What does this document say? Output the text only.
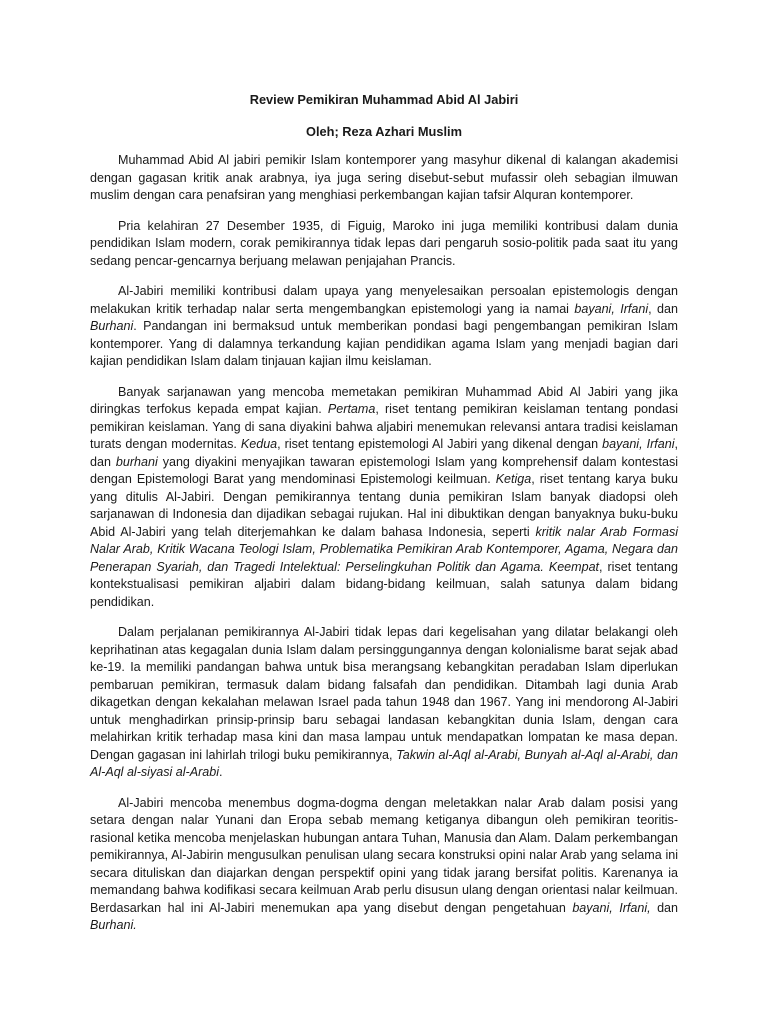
Review Pemikiran Muhammad Abid Al Jabiri

Oleh; Reza Azhari Muslim

Muhammad Abid Al jabiri pemikir Islam kontemporer yang masyhur dikenal di kalangan akademisi dengan gagasan kritik anak arabnya, iya juga sering disebut-sebut mufassir oleh sebagian ilmuwan muslim dengan cara penafsiran yang menghiasi perkembangan kajian tafsir Alquran kontemporer.

Pria kelahiran 27 Desember 1935, di Figuig, Maroko ini juga memiliki kontribusi dalam dunia pendidikan Islam modern, corak pemikirannya tidak lepas dari pengaruh sosio-politik pada saat itu yang sedang pencar-gencarnya berjuang melawan penjajahan Prancis.

Al-Jabiri memiliki kontribusi dalam upaya yang menyelesaikan persoalan epistemologis dengan melakukan kritik terhadap nalar serta mengembangkan epistemologi yang ia namai bayani, Irfani, dan Burhani. Pandangan ini bermaksud untuk memberikan pondasi bagi pengembangan pemikiran Islam kontemporer. Yang di dalamnya terkandung kajian pendidikan agama Islam yang menjadi bagian dari kajian pendidikan Islam dalam tinjauan kajian ilmu keislaman.

Banyak sarjanawan yang mencoba memetakan pemikiran Muhammad Abid Al Jabiri yang jika diringkas terfokus kepada empat kajian. Pertama, riset tentang pemikiran keislaman tentang pondasi pemikiran keislaman. Yang di sana diyakini bahwa aljabiri menemukan relevansi antara tradisi keislaman turats dengan modernitas. Kedua, riset tentang epistemologi Al Jabiri yang dikenal dengan bayani, Irfani, dan burhani yang diyakini menyajikan tawaran epistemologi Islam yang komprehensif dalam kontestasi dengan Epistemologi Barat yang mendominasi Epistemologi keilmuan. Ketiga, riset tentang karya buku yang ditulis Al-Jabiri. Dengan pemikirannya tentang dunia pemikiran Islam banyak diadopsi oleh sarjanawan di Indonesia dan dijadikan sebagai rujukan. Hal ini dibuktikan dengan banyaknya buku-buku Abid Al-Jabiri yang telah diterjemahkan ke dalam bahasa Indonesia, seperti kritik nalar Arab Formasi Nalar Arab, Kritik Wacana Teologi Islam, Problematika Pemikiran Arab Kontemporer, Agama, Negara dan Penerapan Syariah, dan Tragedi Intelektual: Perselingkuhan Politik dan Agama. Keempat, riset tentang kontekstualisasi pemikiran aljabiri dalam bidang-bidang keilmuan, salah satunya dalam bidang pendidikan.

Dalam perjalanan pemikirannya Al-Jabiri tidak lepas dari kegelisahan yang dilatar belakangi oleh keprihatinan atas kegagalan dunia Islam dalam persinggungannya dengan kolonialisme barat sejak abad ke-19. Ia memiliki pandangan bahwa untuk bisa merangsang kebangkitan peradaban Islam diperlukan pembaruan pemikiran, termasuk dalam bidang falsafah dan pendidikan. Ditambah lagi dunia Arab dikagetkan dengan kekalahan melawan Israel pada tahun 1948 dan 1967. Yang ini mendorong Al-Jabiri untuk menghadirkan prinsip-prinsip baru sebagai landasan kebangkitan dunia Islam, dengan cara melahirkan kritik terhadap masa kini dan masa lampau untuk mendapatkan lompatan ke masa depan. Dengan gagasan ini lahirlah trilogi buku pemikirannya, Takwin al-Aql al-Arabi, Bunyah al-Aql al-Arabi, dan Al-Aql al-siyasi al-Arabi.

Al-Jabiri mencoba menembus dogma-dogma dengan meletakkan nalar Arab dalam posisi yang setara dengan nalar Yunani dan Eropa sebab memang ketiganya dibangun oleh pemikiran teoritis-rasional ketika mencoba menjelaskan hubungan antara Tuhan, Manusia dan Alam. Dalam perkembangan pemikirannya, Al-Jabirin mengusulkan penulisan ulang secara konstruksi opini nalar Arab yang selama ini secara dituliskan dan diajarkan dengan perspektif opini yang tidak jarang bersifat politis. Karenanya ia memandang bahwa kodifikasi secara keilmuan Arab perlu disusun ulang dengan orientasi nalar keilmuan. Berdasarkan hal ini Al-Jabiri menemukan apa yang disebut dengan pengetahuan bayani, Irfani, dan Burhani.
